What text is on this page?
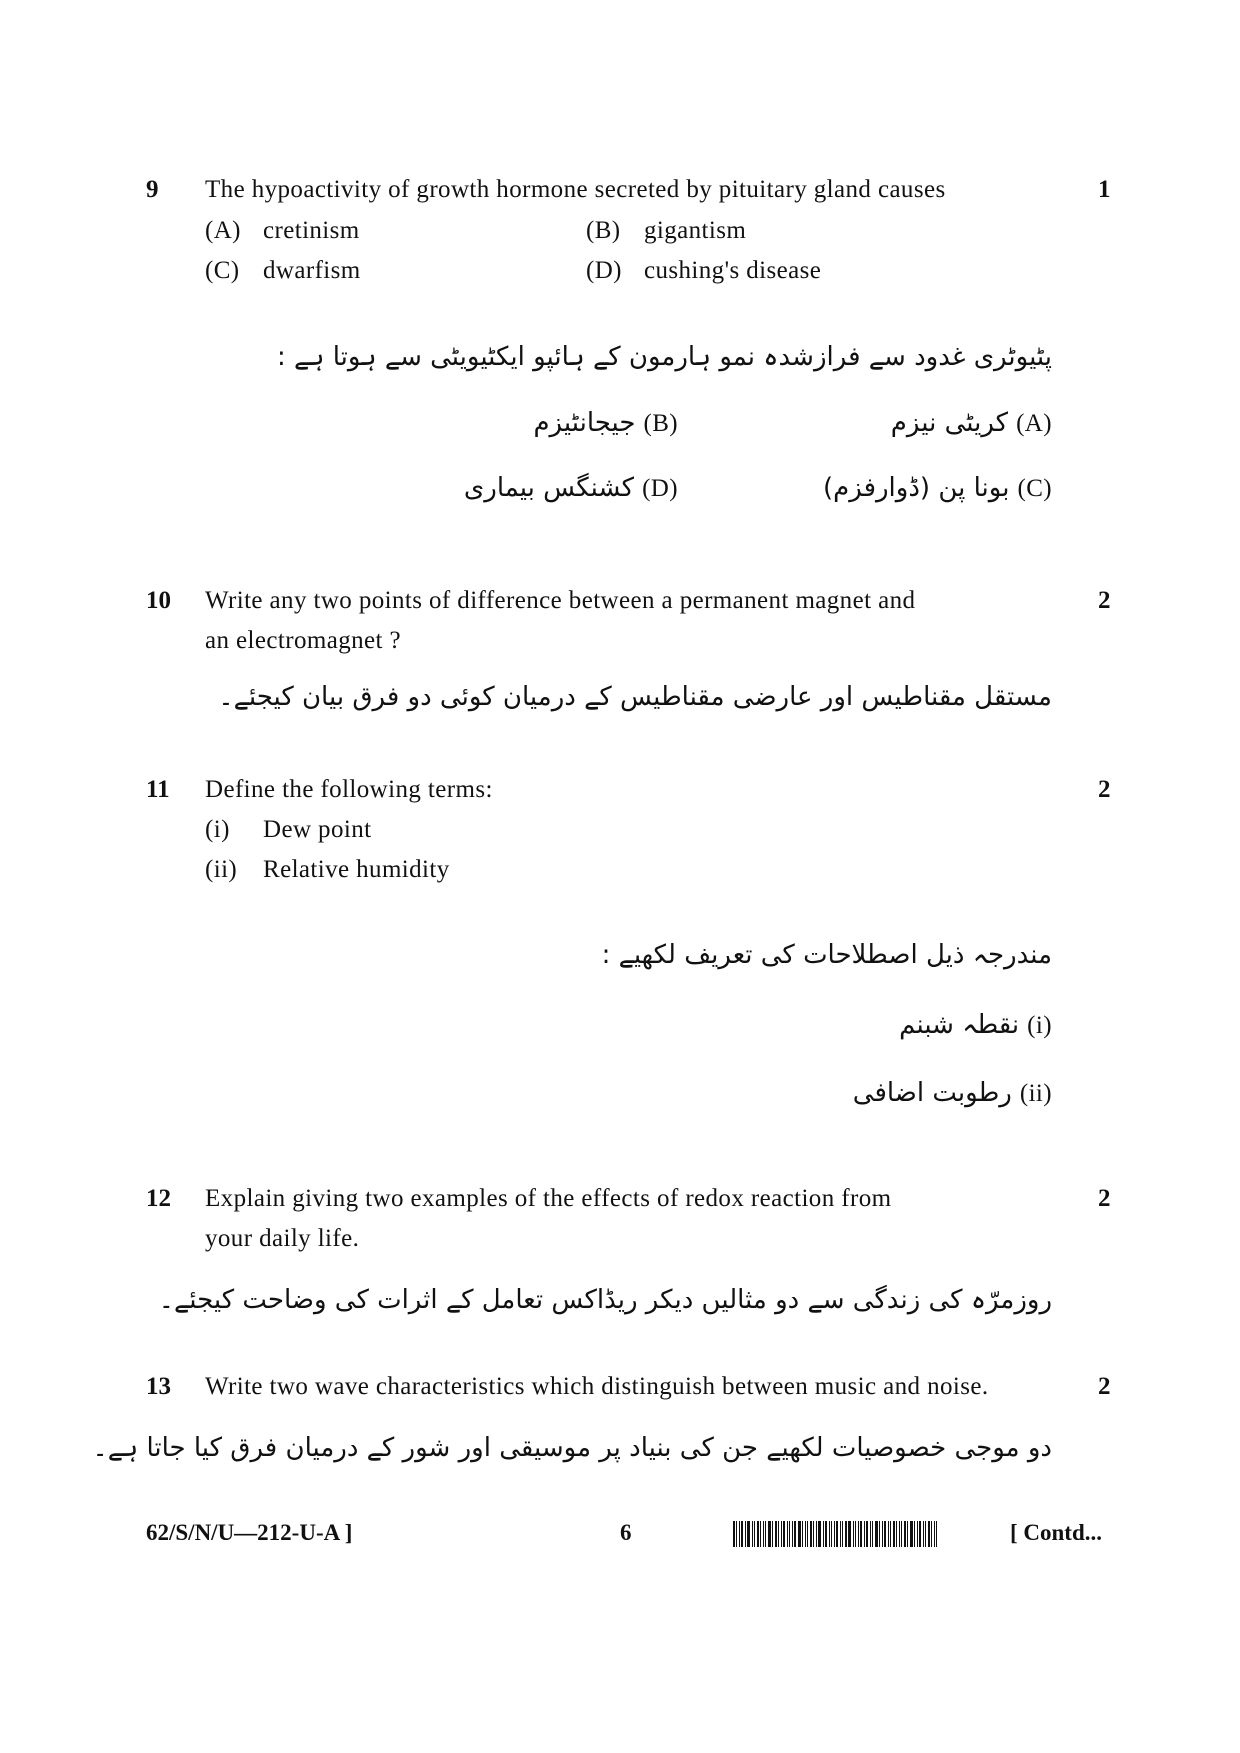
9 The hypoactivity of growth hormone secreted by pituitary gland causes	1
(A) cretinism	(B) gigantism
(C) dwarfism	(D) cushing's disease
پٹیوٹری غدود سے فرازشدہ نمو ہارمون کے ہائپو ایکٹیویٹی سے ہوتا ہے :
(A)  کریٹی نیزم
(B)  جیجانٹیزم
(C)  بونا پن (ڈوارفزم)
(D)  کشنگس بیماری
10 Write any two points of difference between a permanent magnet and
an electromagnet ?
2
مستقل مقناطیس اور عارضی مقناطیس کے درمیان کوئی دو فرق بیان کیجئے۔
11 Define the following terms:	2
(i) Dew point
(ii) Relative humidity
مندرجہ ذیل اصطلاحات کی تعریف لکھیے :
(i)  نقطہ شبنم
(ii)  رطوبت اضافی
12 Explain giving two examples of the effects of redox reaction from
your daily life.
2
روزمرّہ کی زندگی سے دو مثالیں دیکر ریڈاکس تعامل کے اثرات کی وضاحت کیجئے۔
13 Write two wave characteristics which distinguish between music and noise.	2
دو موجی خصوصیات لکھیے جن کی بنیاد پر موسیقی اور شور کے درمیان فرق کیا جاتا ہے۔
62/S/N/U—212-U-A ]	6	[ Contd...
